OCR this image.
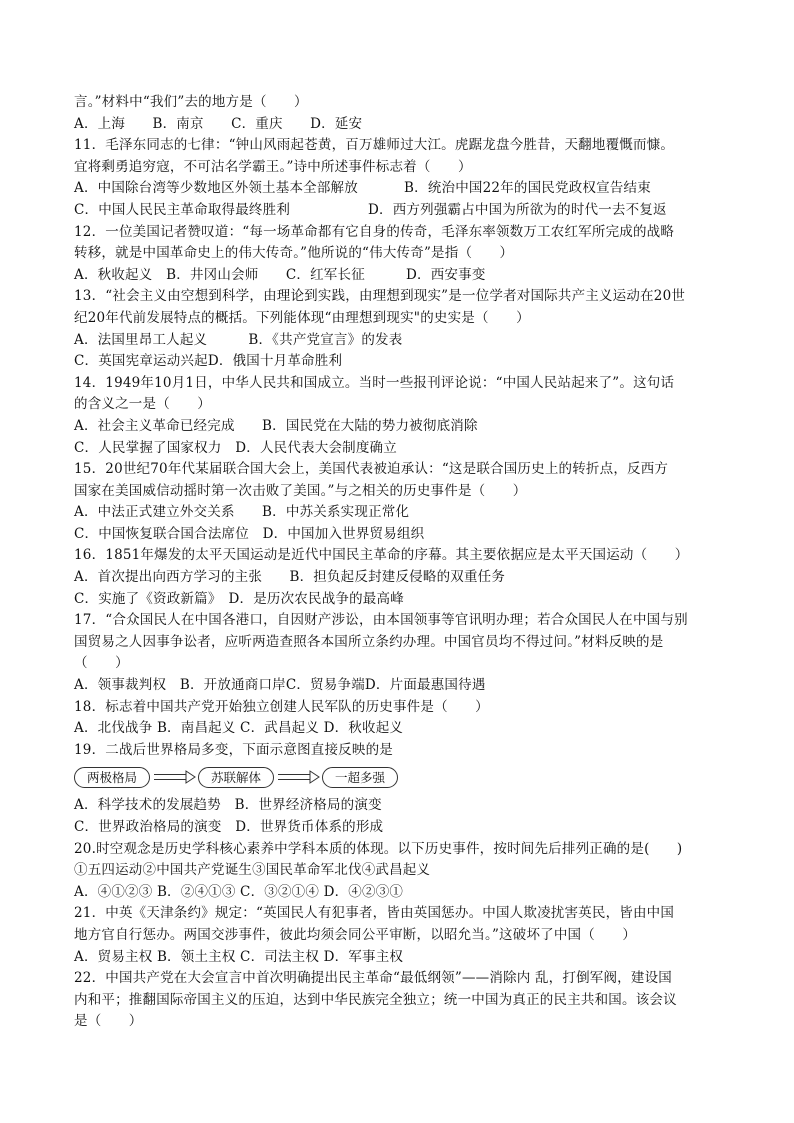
言。”材料中“我们”去的地方是（　　）
A．上海　　B．南京　　C．重庆　　D．延安
11．毛泽东同志的七律：“钟山风雨起苍黄，百万雄师过大江。虎踞龙盘今胜昔，天翻地覆慨而慷。
宜将剩勇追穷寇，不可沽名学霸王。”诗中所述事件标志着（　　）
A．中国除台湾等少数地区外领土基本全部解放	B．统治中国22年的国民党政权宣告结束
C．中国人民民主革命取得最终胜利	D．西方列强霸占中国为所欲为的时代一去不复返
12．一位美国记者赞叹道：“每一场革命都有它自身的传奇，毛泽东率领数万工农红军所完成的战略
转移，就是中国革命史上的伟大传奇。”他所说的“伟大传奇”是指（　　）
A．秋收起义　B．井冈山会师　　C．红军长征　　　D．西安事变
13．“社会主义由空想到科学，由理论到实践，由理想到现实”是一位学者对国际共产主义运动在20世
纪20年代前发展特点的概括。下列能体现“由理想到现实"的史实是（　　）
A．法国里昂工人起义　　　B．《共产党宣言》的发表
C．英国宪章运动兴起D．俄国十月革命胜利
14．1949年10月1日，中华人民共和国成立。当时一些报刊评论说：“中国人民站起来了”。这句话
的含义之一是（　　）
A．社会主义革命已经完成　　B．国民党在大陆的势力被彻底消除
C．人民掌握了国家权力　D．人民代表大会制度确立
15．20世纪70年代某届联合国大会上，美国代表被迫承认：“这是联合国历史上的转折点，反西方
国家在美国威信动摇时第一次击败了美国。”与之相关的历史事件是（　　）
A．中法正式建立外交关系　　B．中苏关系实现正常化
C．中国恢复联合国合法席位　D．中国加入世界贸易组织
16．1851年爆发的太平天国运动是近代中国民主革命的序幕。其主要依据应是太平天国运动（　　）
A．首次提出向西方学习的主张　　B．担负起反封建反侵略的双重任务
C．实施了《资政新篇》　D．是历次农民战争的最高峰
17．“合众国民人在中国各港口，自因财产涉讼，由本国领事等官讯明办理；若合众国民人在中国与别
国贸易之人因事争讼者，应听两造查照各本国所立条约办理。中国官员均不得过问。”材料反映的是
（　　）
A．领事裁判权　B．开放通商口岸C．贸易争端D．片面最惠国待遇
18．标志着中国共产党开始独立创建人民军队的历史事件是（　　）
A．北伐战争 B．南昌起义 C．武昌起义 D．秋收起义
19．二战后世界格局多变，下面示意图直接反映的是
两极格局	苏联解体	一超多强
A．科学技术的发展趋势　B．世界经济格局的演变
C．世界政治格局的演变　D．世界货币体系的形成
20.时空观念是历史学科核心素养中学科本质的体现。以下历史事件，按时间先后排列正确的是(　　)
①五四运动②中国共产党诞生③国民革命军北伐④武昌起义
A．④①②③ B．②④①③ C．③②①④ D．④②③①
21．中英《天津条约》规定：“英国民人有犯事者，皆由英国惩办。中国人欺凌扰害英民，皆由中国
地方官自行惩办。两国交涉事件，彼此均须会同公平审断，以昭允当。”这破坏了中国（　　）
A．贸易主权 B．领土主权 C．司法主权 D．军事主权
22．中国共产党在大会宣言中首次明确提出民主革命“最低纲领”——消除内 乱，打倒军阀，建设国
内和平；推翻国际帝国主义的压迫，达到中华民族完全独立；统一中国为真正的民主共和国。该会议
是（　　）
